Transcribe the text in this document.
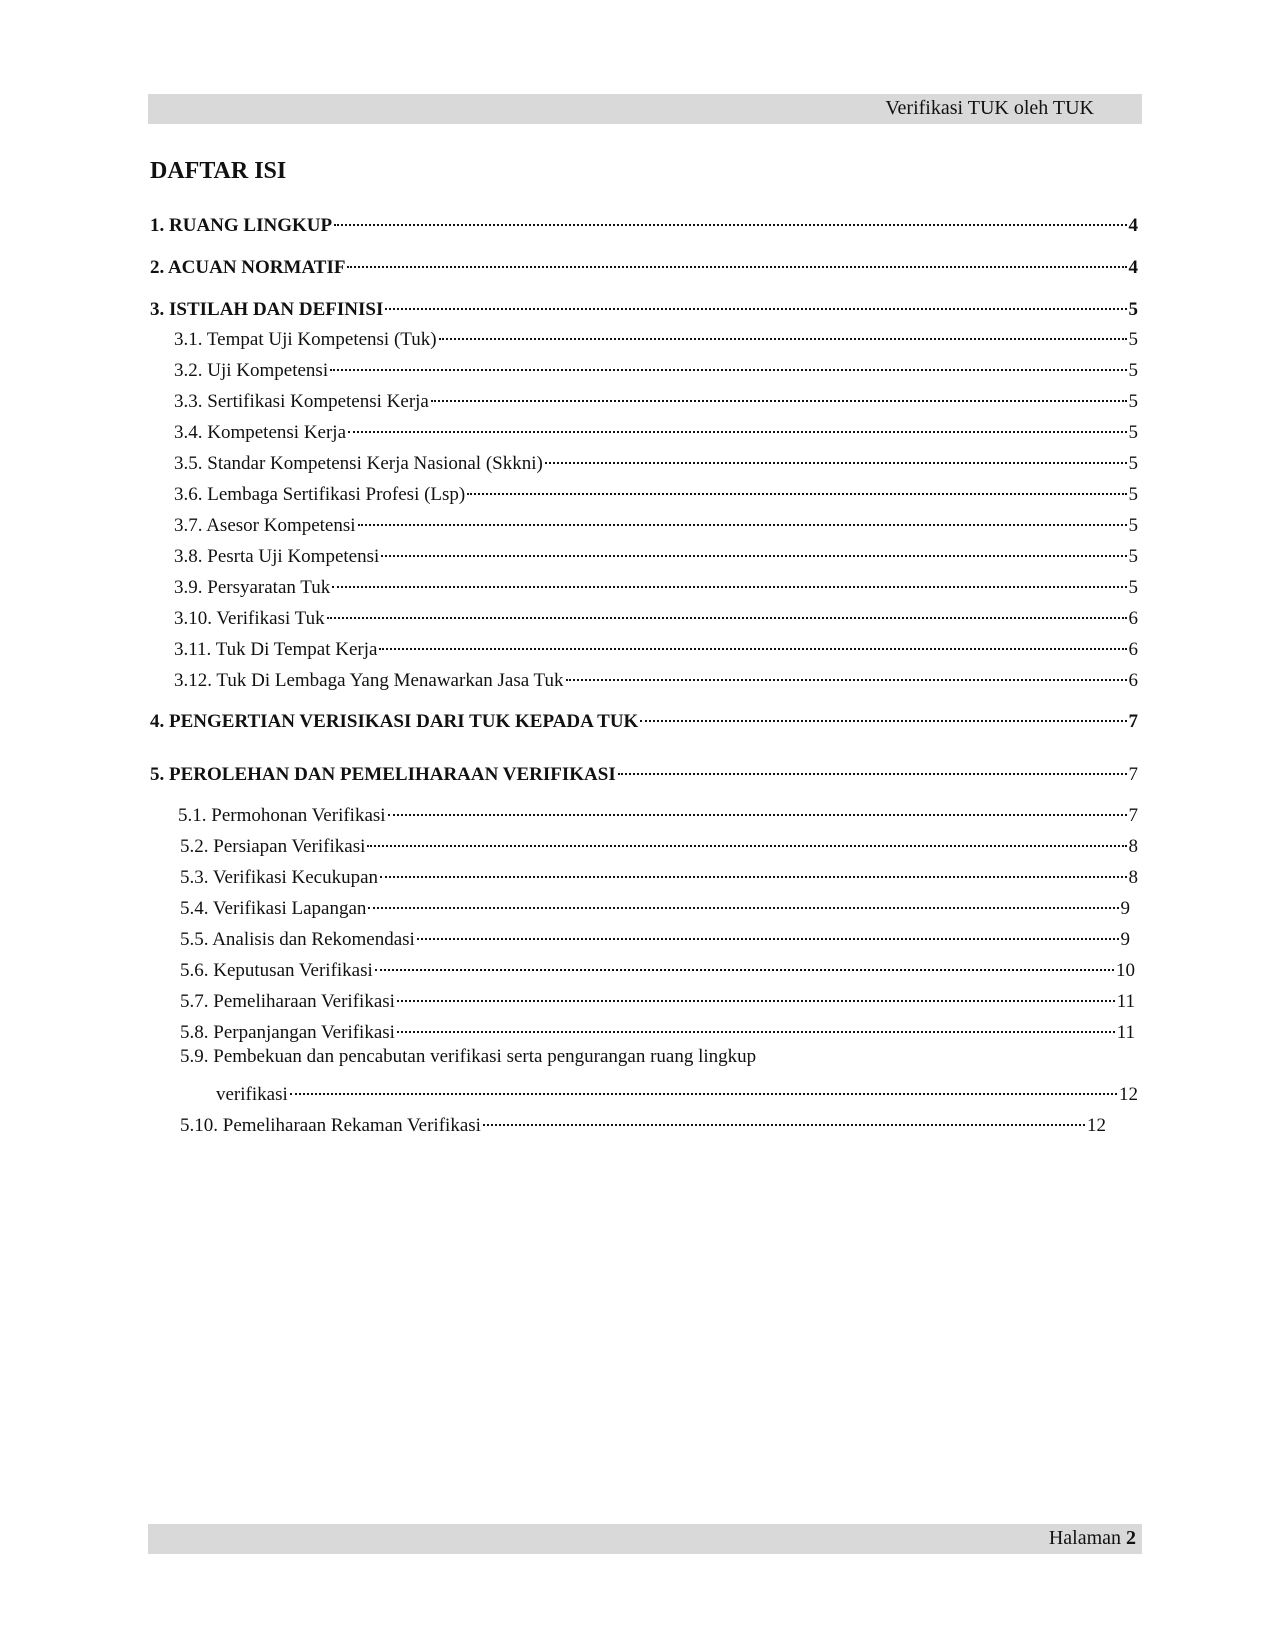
Verifikasi TUK oleh TUK
DAFTAR ISI
1. RUANG LINGKUP	4
2. ACUAN NORMATIF	4
3. ISTILAH DAN DEFINISI	5
3.1. Tempat Uji Kompetensi (Tuk)	5
3.2. Uji Kompetensi	5
3.3. Sertifikasi Kompetensi Kerja	5
3.4. Kompetensi Kerja	5
3.5. Standar Kompetensi Kerja Nasional (Skkni)	5
3.6. Lembaga Sertifikasi Profesi (Lsp)	5
3.7. Asesor Kompetensi	5
3.8. Pesrta Uji Kompetensi	5
3.9. Persyaratan Tuk	5
3.10. Verifikasi Tuk	6
3.11. Tuk Di Tempat Kerja	6
3.12. Tuk Di Lembaga Yang Menawarkan Jasa Tuk	6
4. PENGERTIAN VERISIKASI DARI TUK KEPADA TUK	7
5. PEROLEHAN DAN PEMELIHARAAN VERIFIKASI	7
5.1. Permohonan Verifikasi	7
5.2. Persiapan Verifikasi	8
5.3. Verifikasi Kecukupan	8
5.4. Verifikasi Lapangan	9
5.5. Analisis dan Rekomendasi	9
5.6. Keputusan Verifikasi	10
5.7. Pemeliharaan Verifikasi	11
5.8. Perpanjangan Verifikasi	11
5.9. Pembekuan dan pencabutan verifikasi serta pengurangan ruang lingkup
verifikasi	12
5.10. Pemeliharaan Rekaman Verifikasi	12
Halaman 2
